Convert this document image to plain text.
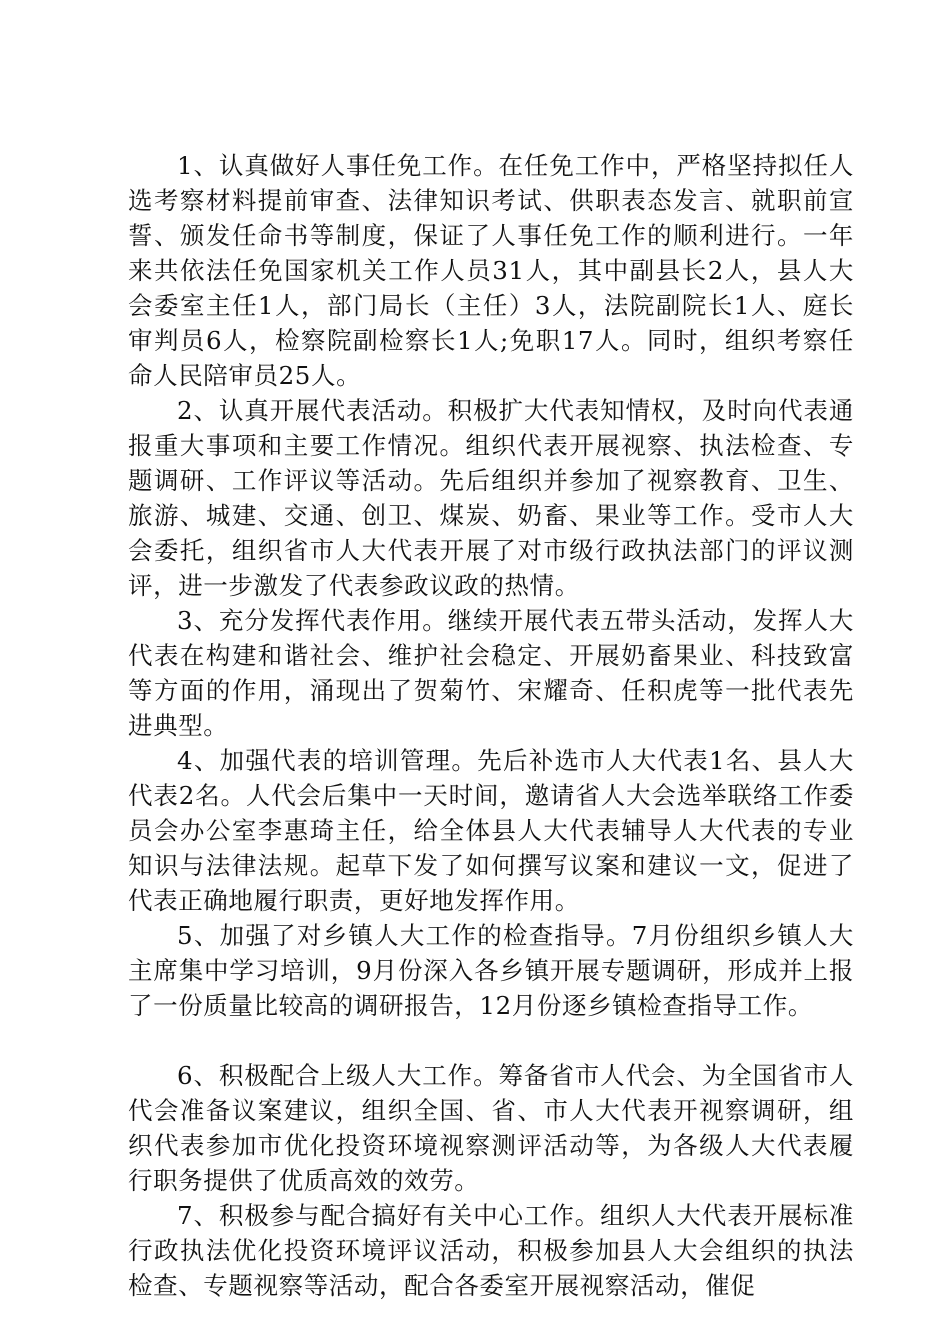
1、认真做好人事任免工作。在任免工作中，严格坚持拟任人选考察材料提前审查、法律知识考试、供职表态发言、就职前宣誓、颁发任命书等制度，保证了人事任免工作的顺利进行。一年来共依法任免国家机关工作人员31人，其中副县长2人，县人大会委室主任1人，部门局长（主任）3人，法院副院长1人、庭长审判员6人，检察院副检察长1人;免职17人。同时，组织考察任命人民陪审员25人。

2、认真开展代表活动。积极扩大代表知情权，及时向代表通报重大事项和主要工作情况。组织代表开展视察、执法检查、专题调研、工作评议等活动。先后组织并参加了视察教育、卫生、旅游、城建、交通、创卫、煤炭、奶畜、果业等工作。受市人大会委托，组织省市人大代表开展了对市级行政执法部门的评议测评，进一步激发了代表参政议政的热情。

3、充分发挥代表作用。继续开展代表五带头活动，发挥人大代表在构建和谐社会、维护社会稳定、开展奶畜果业、科技致富等方面的作用，涌现出了贺菊竹、宋耀奇、任积虎等一批代表先进典型。

4、加强代表的培训管理。先后补选市人大代表1名、县人大代表2名。人代会后集中一天时间，邀请省人大会选举联络工作委员会办公室李惠琦主任，给全体县人大代表辅导人大代表的专业知识与法律法规。起草下发了如何撰写议案和建议一文，促进了代表正确地履行职责，更好地发挥作用。

5、加强了对乡镇人大工作的检查指导。7月份组织乡镇人大主席集中学习培训，9月份深入各乡镇开展专题调研，形成并上报了一份质量比较高的调研报告，12月份逐乡镇检查指导工作。

6、积极配合上级人大工作。筹备省市人代会、为全国省市人代会准备议案建议，组织全国、省、市人大代表开视察调研，组织代表参加市优化投资环境视察测评活动等，为各级人大代表履行职务提供了优质高效的效劳。

7、积极参与配合搞好有关中心工作。组织人大代表开展标准行政执法优化投资环境评议活动，积极参加县人大会组织的执法检查、专题视察等活动，配合各委室开展视察活动，催促
